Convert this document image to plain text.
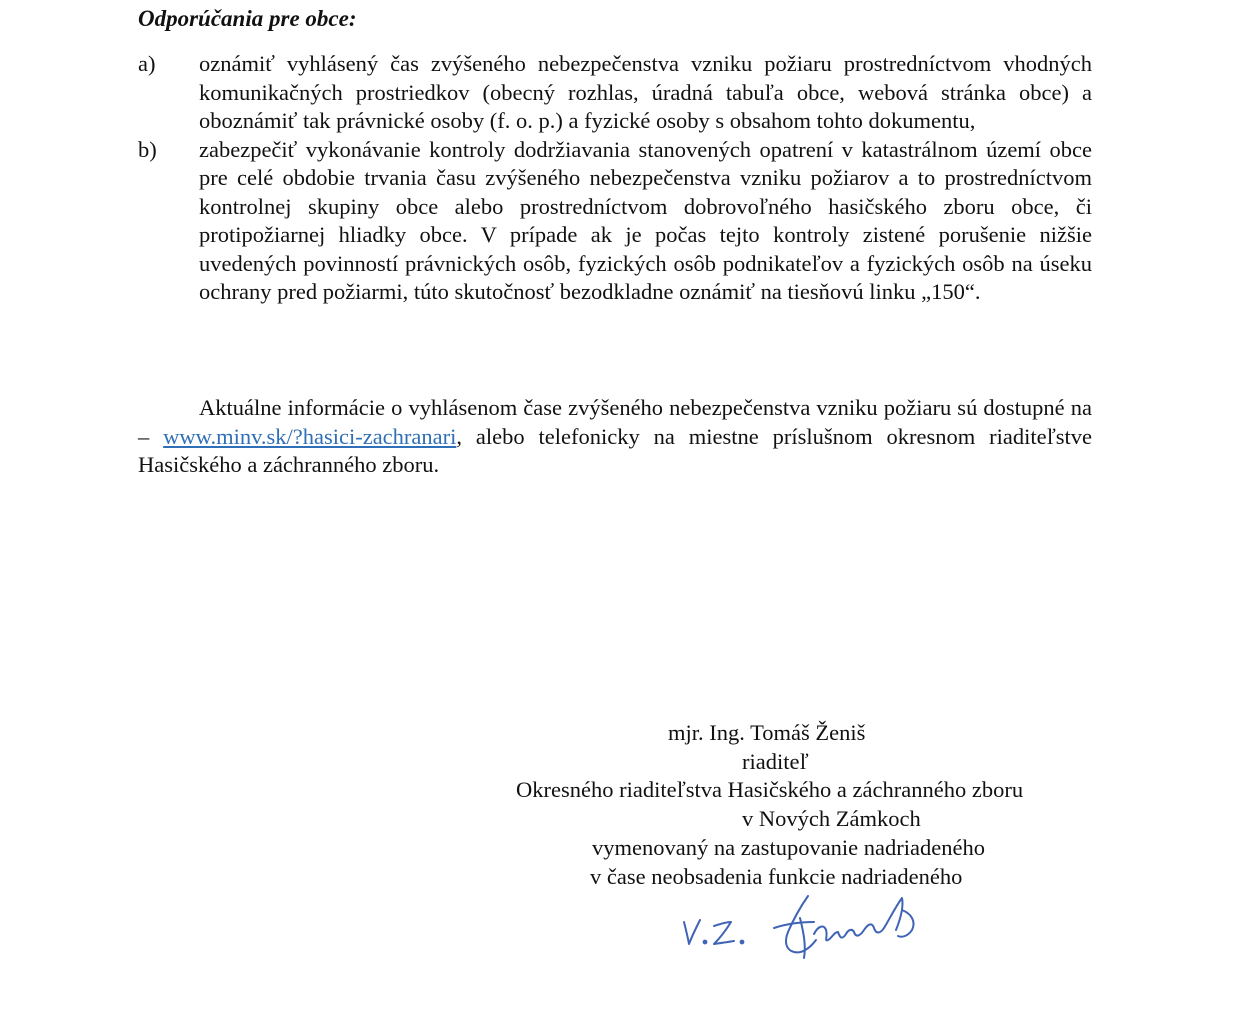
Odporúčania pre obce:
a)	oznámiť vyhlásený čas zvýšeného nebezpečenstva vzniku požiaru prostredníctvom vhodných komunikačných prostriedkov (obecný rozhlas, úradná tabuľa obce, webová stránka obce) a oboznámiť tak právnické osoby (f. o. p.) a fyzické osoby s obsahom tohto dokumentu,

b)	zabezpečiť vykonávanie kontroly dodržiavania stanovených opatrení v katastrálnom území obce pre celé obdobie trvania času zvýšeného nebezpečenstva vzniku požiarov a to prostredníctvom kontrolnej skupiny obce alebo prostredníctvom dobrovoľného hasičského zboru obce, či protipožiarnej hliadky obce. V prípade ak je počas tejto kontroly zistené porušenie nižšie uvedených povinností právnických osôb, fyzických osôb podnikateľov a fyzických osôb na úseku ochrany pred požiarmi, túto skutočnosť bezodkladne oznámiť na tiesňovú linku „150“.

Aktuálne informácie o vyhlásenom čase zvýšeného nebezpečenstva vzniku požiaru sú dostupné na – www.minv.sk/?hasici-zachranari, alebo telefonicky na miestne príslušnom okresnom riaditeľstve Hasičského a záchranného zboru.

mjr. Ing. Tomáš Ženiš
riaditeľ
Okresného riaditeľstva Hasičského a záchranného zboru
v Nových Zámkoch
vymenovaný na zastupovanie nadriadeného
v čase neobsadenia funkcie nadriadeného
